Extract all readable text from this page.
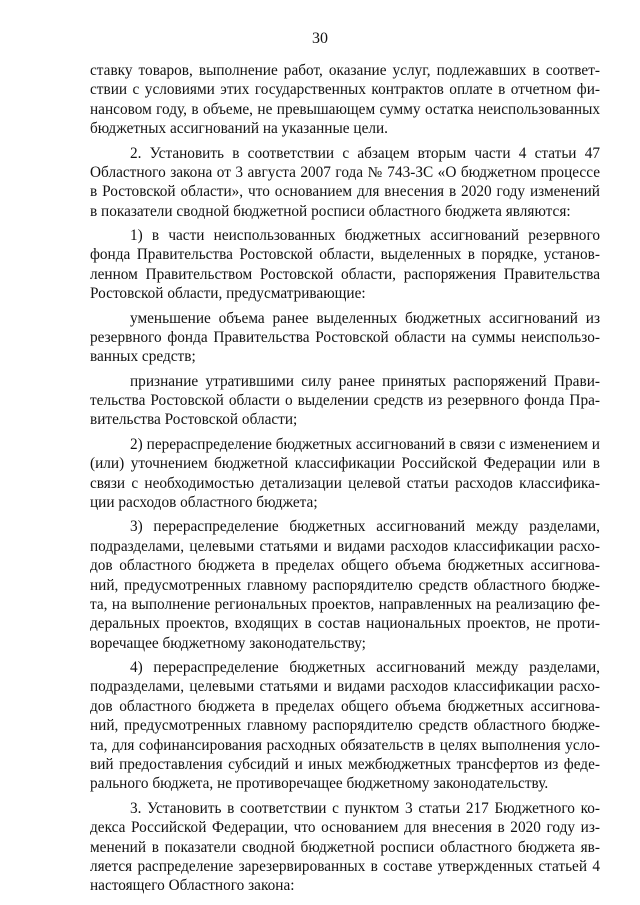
30

ставку товаров, выполнение работ, оказание услуг, подлежавших в соответствии с условиями этих государственных контрактов оплате в отчетном финансовом году, в объеме, не превышающем сумму остатка неиспользованных бюджетных ассигнований на указанные цели.

2. Установить в соответствии с абзацем вторым части 4 статьи 47 Областного закона от 3 августа 2007 года № 743-ЗС «О бюджетном процессе в Ростовской области», что основанием для внесения в 2020 году изменений в показатели сводной бюджетной росписи областного бюджета являются:

1) в части неиспользованных бюджетных ассигнований резервного фонда Правительства Ростовской области, выделенных в порядке, установленном Правительством Ростовской области, распоряжения Правительства Ростовской области, предусматривающие:

уменьшение объема ранее выделенных бюджетных ассигнований из резервного фонда Правительства Ростовской области на суммы неиспользованных средств;

признание утратившими силу ранее принятых распоряжений Правительства Ростовской области о выделении средств из резервного фонда Правительства Ростовской области;

2) перераспределение бюджетных ассигнований в связи с изменением и (или) уточнением бюджетной классификации Российской Федерации или в связи с необходимостью детализации целевой статьи расходов классификации расходов областного бюджета;

3) перераспределение бюджетных ассигнований между разделами, подразделами, целевыми статьями и видами расходов классификации расходов областного бюджета в пределах общего объема бюджетных ассигнований, предусмотренных главному распорядителю средств областного бюджета, на выполнение региональных проектов, направленных на реализацию федеральных проектов, входящих в состав национальных проектов, не противоречащее бюджетному законодательству;

4) перераспределение бюджетных ассигнований между разделами, подразделами, целевыми статьями и видами расходов классификации расходов областного бюджета в пределах общего объема бюджетных ассигнований, предусмотренных главному распорядителю средств областного бюджета, для софинансирования расходных обязательств в целях выполнения условий предоставления субсидий и иных межбюджетных трансфертов из федерального бюджета, не противоречащее бюджетному законодательству.

3. Установить в соответствии с пунктом 3 статьи 217 Бюджетного кодекса Российской Федерации, что основанием для внесения в 2020 году изменений в показатели сводной бюджетной росписи областного бюджета является распределение зарезервированных в составе утвержденных статьей 4 настоящего Областного закона:
